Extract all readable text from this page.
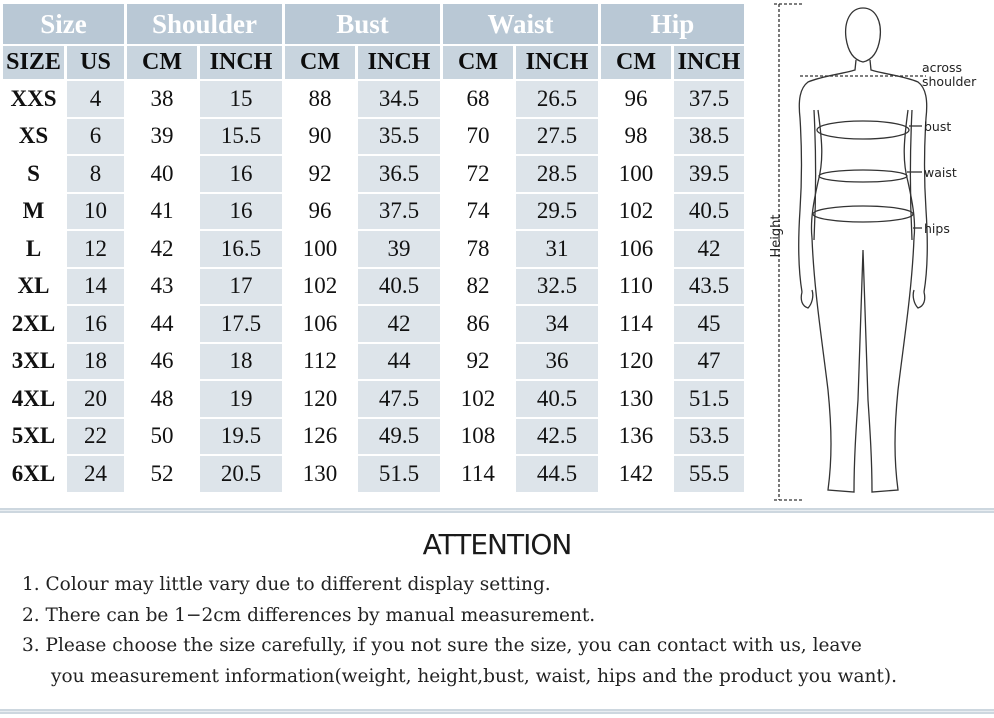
Size		Shoulder		Bust		Waist		Hip	
SIZE	US	CM	INCH	CM	INCH	CM	INCH	CM	INCH
XXS	4	38	15	88	34.5	68	26.5	96	37.5
XS	6	39	15.5	90	35.5	70	27.5	98	38.5
S	8	40	16	92	36.5	72	28.5	100	39.5
M	10	41	16	96	37.5	74	29.5	102	40.5
L	12	42	16.5	100	39	78	31	106	42
XL	14	43	17	102	40.5	82	32.5	110	43.5
2XL	16	44	17.5	106	42	86	34	114	45
3XL	18	46	18	112	44	92	36	120	47
4XL	20	48	19	120	47.5	102	40.5	130	51.5
5XL	22	50	19.5	126	49.5	108	42.5	136	53.5
6XL	24	52	20.5	130	51.5	114	44.5	142	55.5
across
shoulder
bust
waist
hips
Height
ATTENTION
1. Colour may little vary due to different display setting.
2. There can be 1−2cm differences by manual measurement.
3. Please choose the size carefully, if you not sure the size, you can contact with us, leave
you measurement information(weight, height,bust, waist, hips and the product you want).
